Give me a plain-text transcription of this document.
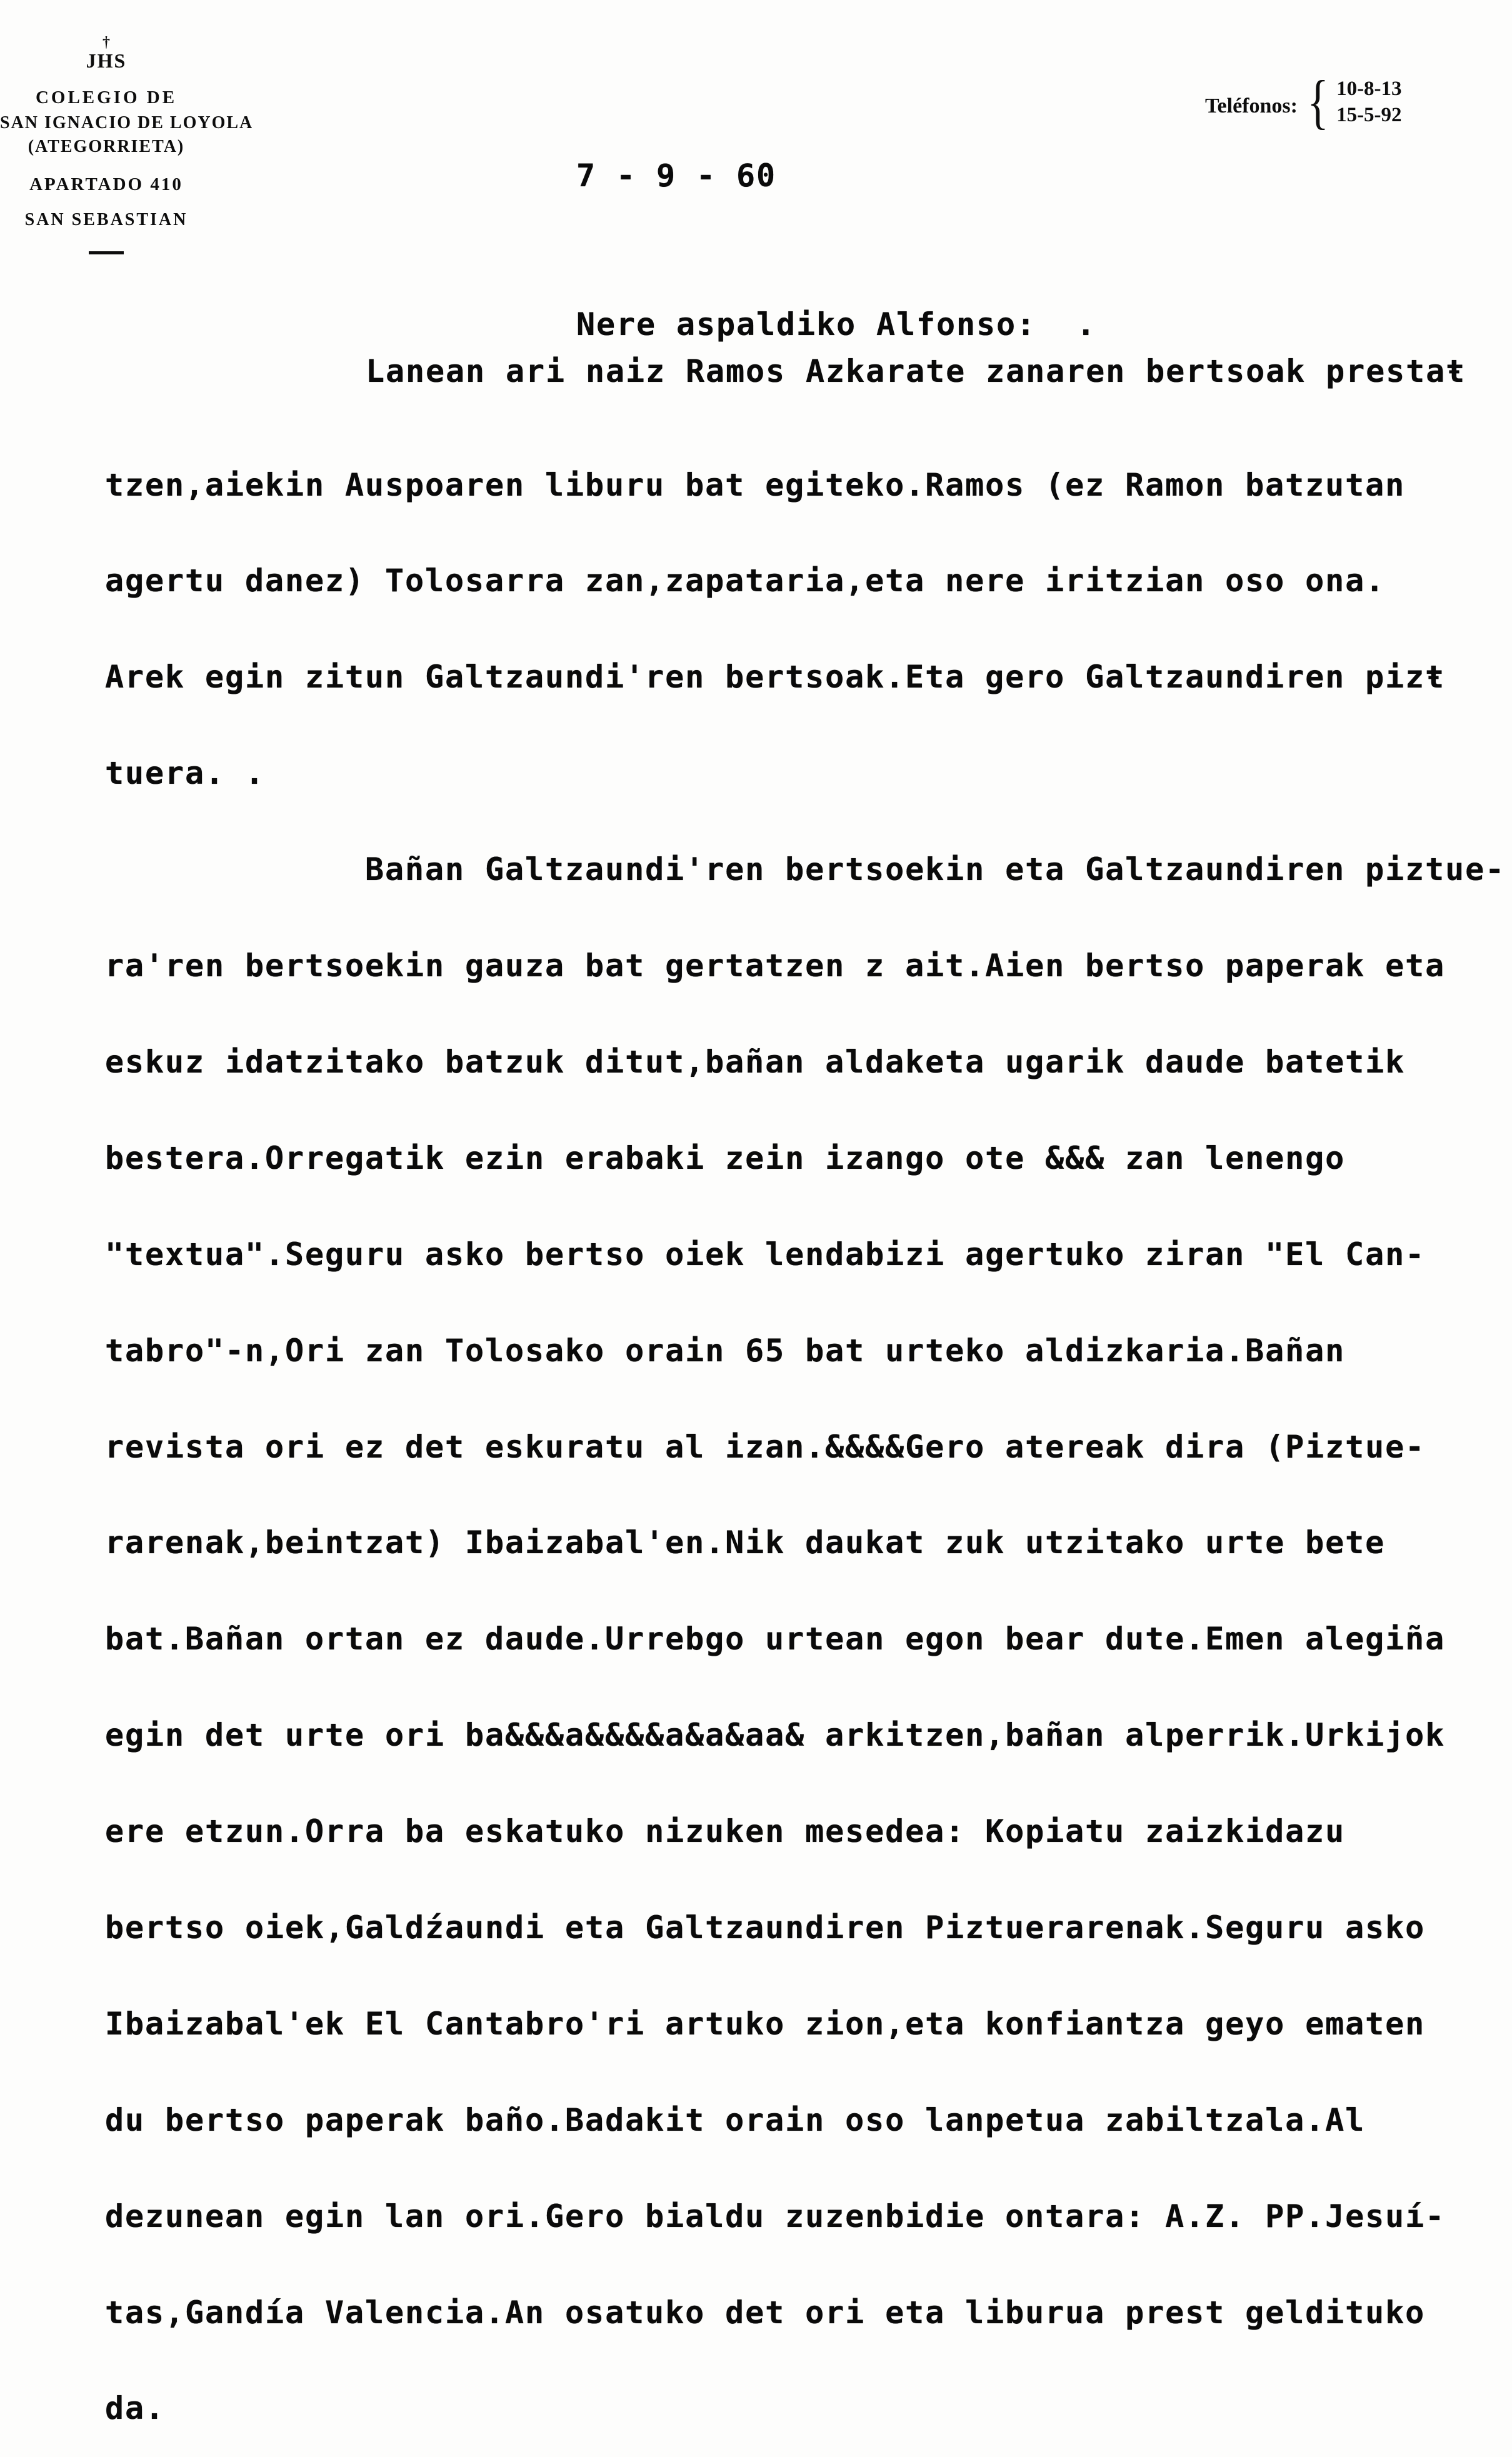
†
JHS
COLEGIO DE
SAN IGNACIO DE LOYOLA
(ATEGORRIETA)
APARTADO 410
SAN SEBASTIAN

Teléfonos: { 10-8-13
15-5-92
7 - 9 - 60
Nere aspaldiko Alfonso:  .
Lanean ari naiz Ramos Azkarate zanaren bertsoak prestaŧ

tzen,aiekin Auspoaren liburu bat egiteko.Ramos (ez Ramon batzutan

agertu danez) Tolosarra zan,zapataria,eta nere iritzian oso ona.

Arek egin zitun Galtzaundi'ren bertsoak.Eta gero Galtzaundiren pizŧ

tuera. .

Bañan Galtzaundi'ren bertsoekin eta Galtzaundiren piztue-

ra'ren bertsoekin gauza bat gertatzen z ait.Aien bertso paperak eta

eskuz idatzitako batzuk ditut,bañan aldaketa ugarik daude batetik

bestera.Orregatik ezin erabaki zein izango ote &&& zan lenengo

"textua".Seguru asko bertso oiek lendabizi agertuko ziran "El Can-

tabro"-n,Ori zan Tolosako orain 65 bat urteko aldizkaria.Bañan

revista ori ez det eskuratu al izan.&&&&Gero atereak dira (Piztue-

rarenak,beintzat) Ibaizabal'en.Nik daukat zuk utzitako urte bete

bat.Bañan ortan ez daude.Urrebgo urtean egon bear dute.Emen alegiña

egin det urte ori ba&&&a&&&&a&a&aa& arkitzen,bañan alperrik.Urkijok

ere etzun.Orra ba eskatuko nizuken mesedea: Kopiatu zaizkidazu

bertso oiek,Galdźaundi eta Galtzaundiren Piztuerarenak.Seguru asko

Ibaizabal'ek El Cantabro'ri artuko zion,eta konfiantza geyo ematen

du bertso paperak baño.Badakit orain oso lanpetua zabiltzala.Al

dezunean egin lan ori.Gero bialdu zuzenbidie ontara: A.Z. PP.Jesuí-

tas,Gandía Valencia.An osatuko det ori eta liburua prest geldituko

da.
